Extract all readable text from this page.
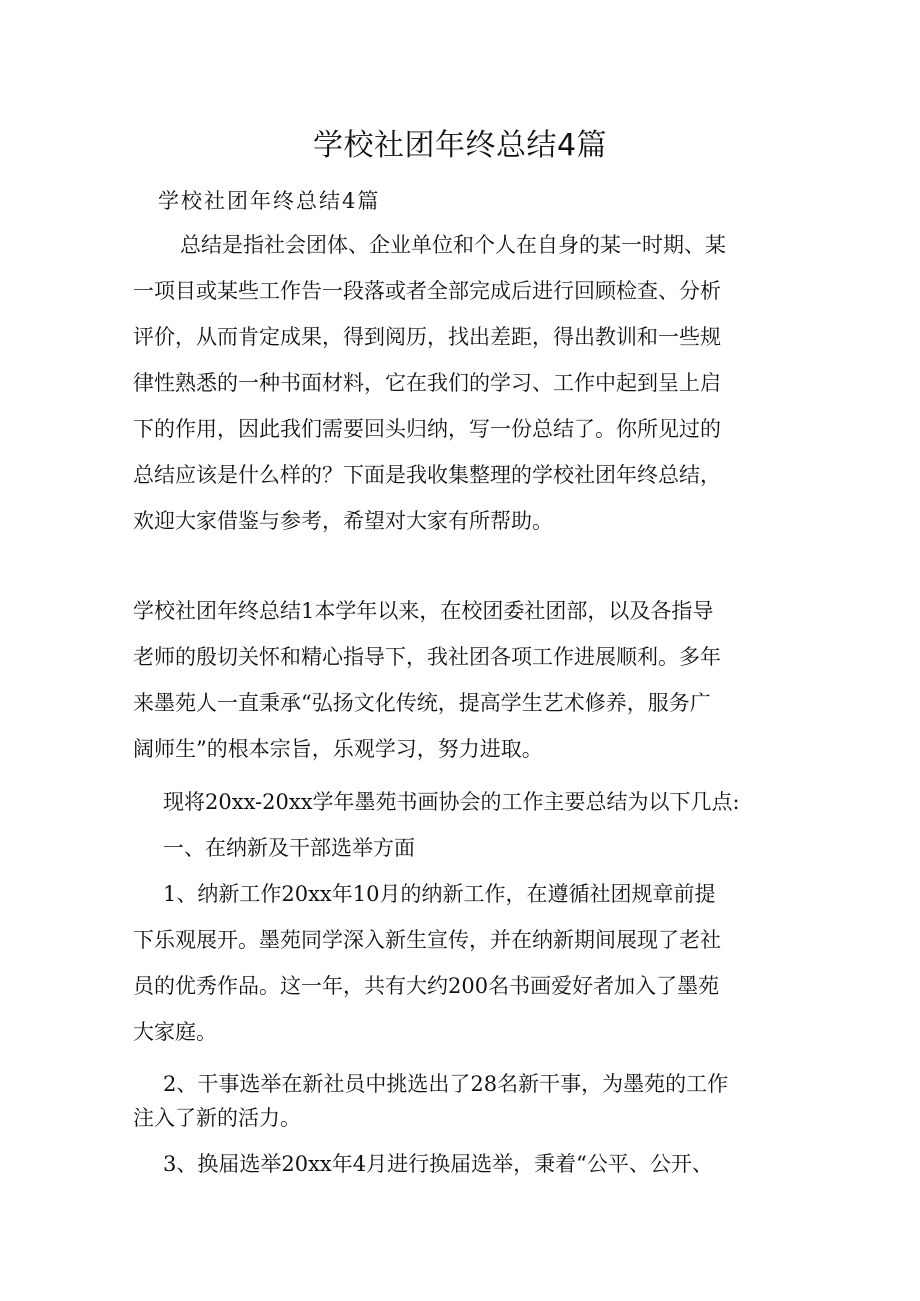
学校社团年终总结4篇

学校社团年终总结4篇

总结是指社会团体、企业单位和个人在自身的某一时期、某

一项目或某些工作告一段落或者全部完成后进行回顾检查、分析

评价，从而肯定成果，得到阅历，找出差距，得出教训和一些规

律性熟悉的一种书面材料，它在我们的学习、工作中起到呈上启

下的作用，因此我们需要回头归纳，写一份总结了。你所见过的

总结应该是什么样的？下面是我收集整理的学校社团年终总结，

欢迎大家借鉴与参考，希望对大家有所帮助。

学校社团年终总结1本学年以来，在校团委社团部，以及各指导

老师的殷切关怀和精心指导下，我社团各项工作进展顺利。多年

来墨苑人一直秉承“弘扬文化传统，提高学生艺术修养，服务广

阔师生”的根本宗旨，乐观学习，努力进取。

现将20xx-20xx学年墨苑书画协会的工作主要总结为以下几点:

一、在纳新及干部选举方面

1、纳新工作20xx年10月的纳新工作，在遵循社团规章前提

下乐观展开。墨苑同学深入新生宣传，并在纳新期间展现了老社

员的优秀作品。这一年，共有大约200名书画爱好者加入了墨苑

大家庭。

2、干事选举在新社员中挑选出了28名新干事，为墨苑的工作

注入了新的活力。

3、换届选举20xx年4月进行换届选举，秉着“公平、公开、
